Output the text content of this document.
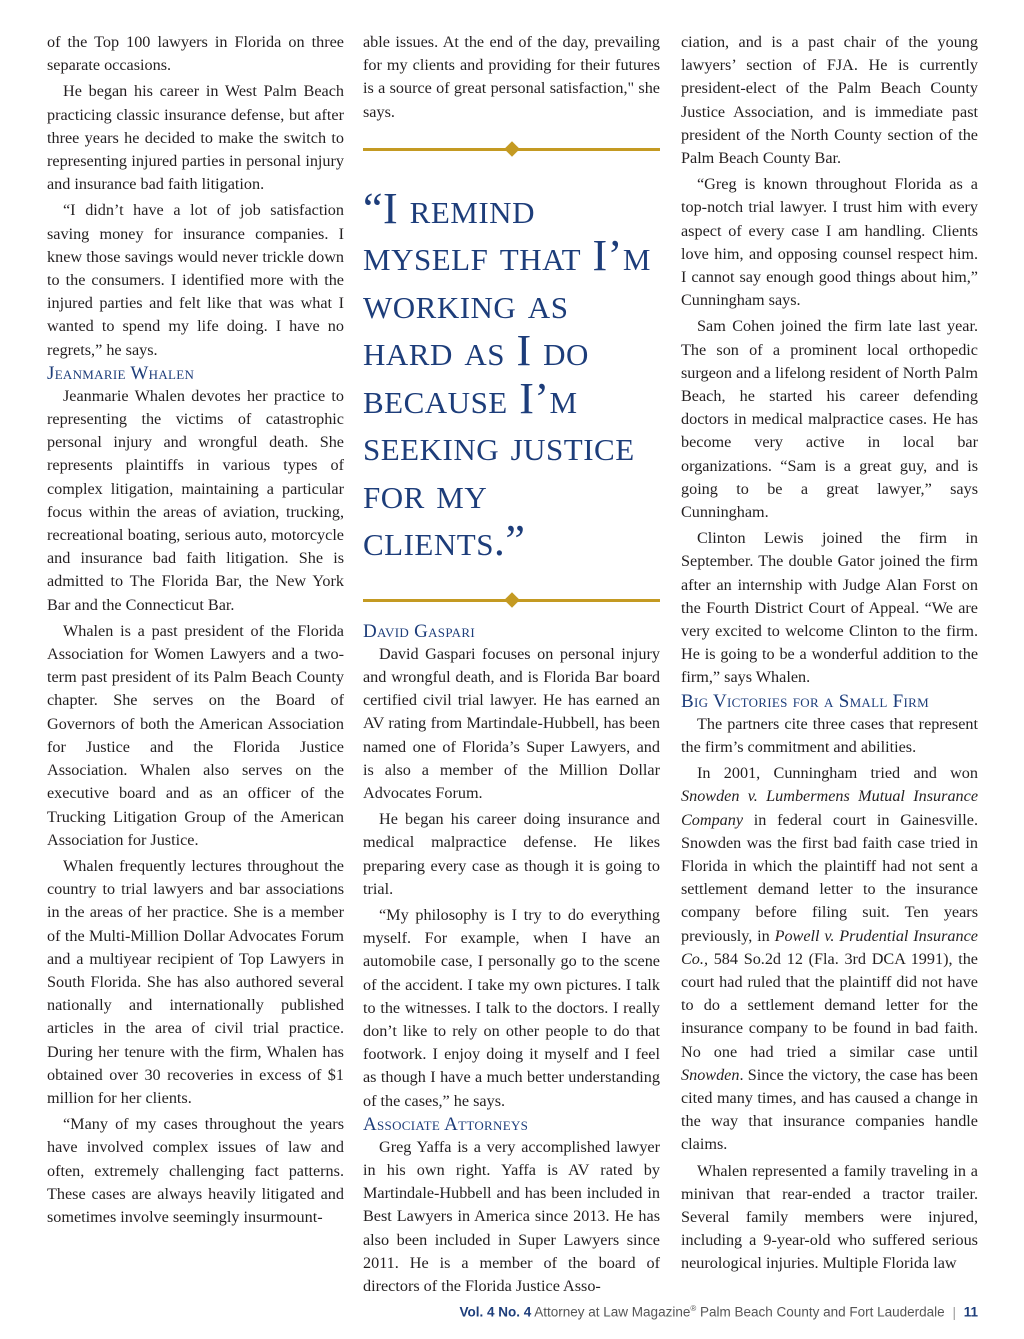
of the Top 100 lawyers in Florida on three separate occasions.

He began his career in West Palm Beach practicing classic insurance defense, but after three years he decided to make the switch to representing injured parties in personal injury and insurance bad faith litigation.

“I didn’t have a lot of job satisfaction saving money for insurance companies. I knew those savings would never trickle down to the consumers. I identified more with the injured parties and felt like that was what I wanted to spend my life doing. I have no regrets,” he says.

Jeanmarie Whalen

Jeanmarie Whalen devotes her practice to representing the victims of catastrophic personal injury and wrongful death. She represents plaintiffs in various types of complex litigation, maintaining a particular focus within the areas of aviation, trucking, recreational boating, serious auto, motorcycle and insurance bad faith litigation. She is admitted to The Florida Bar, the New York Bar and the Connecticut Bar.

Whalen is a past president of the Florida Association for Women Lawyers and a two-term past president of its Palm Beach County chapter. She serves on the Board of Governors of both the American Association for Justice and the Florida Justice Association. Whalen also serves on the executive board and as an officer of the Trucking Litigation Group of the American Association for Justice.

Whalen frequently lectures throughout the country to trial lawyers and bar associations in the areas of her practice. She is a member of the Multi-Million Dollar Advocates Forum and a multiyear recipient of Top Lawyers in South Florida. She has also authored several nationally and internationally published articles in the area of civil trial practice. During her tenure with the firm, Whalen has obtained over 30 recoveries in excess of $1 million for her clients.

“Many of my cases throughout the years have involved complex issues of law and often, extremely challenging fact patterns. These cases are always heavily litigated and sometimes involve seemingly insurmount-

able issues. At the end of the day, prevailing for my clients and providing for their futures is a source of great personal satisfaction," she says.

“I remind myself that I’m working as hard as I do because I’m seeking justice for my clients.”
David Gaspari

David Gaspari focuses on personal injury and wrongful death, and is Florida Bar board certified civil trial lawyer. He has earned an AV rating from Martindale-Hubbell, has been named one of Florida’s Super Lawyers, and is also a member of the Million Dollar Advocates Forum.

He began his career doing insurance and medical malpractice defense. He likes preparing every case as though it is going to trial.

“My philosophy is I try to do everything myself. For example, when I have an automobile case, I personally go to the scene of the accident. I take my own pictures. I talk to the witnesses. I talk to the doctors. I really don’t like to rely on other people to do that footwork. I enjoy doing it myself and I feel as though I have a much better understanding of the cases,” he says.

Associate Attorneys

Greg Yaffa is a very accomplished lawyer in his own right. Yaffa is AV rated by Martindale-Hubbell and has been included in Best Lawyers in America since 2013. He has also been included in Super Lawyers since 2011. He is a member of the board of directors of the Florida Justice Asso-

ciation, and is a past chair of the young lawyers’ section of FJA. He is currently president-elect of the Palm Beach County Justice Association, and is immediate past president of the North County section of the Palm Beach County Bar.

“Greg is known throughout Florida as a top-notch trial lawyer. I trust him with every aspect of every case I am handling. Clients love him, and opposing counsel respect him. I cannot say enough good things about him,” Cunningham says.

Sam Cohen joined the firm late last year. The son of a prominent local orthopedic surgeon and a lifelong resident of North Palm Beach, he started his career defending doctors in medical malpractice cases. He has become very active in local bar organizations. “Sam is a great guy, and is going to be a great lawyer,” says Cunningham.

Clinton Lewis joined the firm in September. The double Gator joined the firm after an internship with Judge Alan Forst on the Fourth District Court of Appeal. “We are very excited to welcome Clinton to the firm. He is going to be a wonderful addition to the firm,” says Whalen.

Big Victories for a Small Firm

The partners cite three cases that represent the firm’s commitment and abilities.

In 2001, Cunningham tried and won Snowden v. Lumbermens Mutual Insurance Company in federal court in Gainesville. Snowden was the first bad faith case tried in Florida in which the plaintiff had not sent a settlement demand letter to the insurance company before filing suit. Ten years previously, in Powell v. Prudential Insurance Co., 584 So.2d 12 (Fla. 3rd DCA 1991), the court had ruled that the plaintiff did not have to do a settlement demand letter for the insurance company to be found in bad faith. No one had tried a similar case until Snowden. Since the victory, the case has been cited many times, and has caused a change in the way that insurance companies handle claims.

Whalen represented a family traveling in a minivan that rear-ended a tractor trailer. Several family members were injured, including a 9-year-old who suffered serious neurological injuries. Multiple Florida law

Vol. 4 No. 4 Attorney at Law Magazine® Palm Beach County and Fort Lauderdale | 11
